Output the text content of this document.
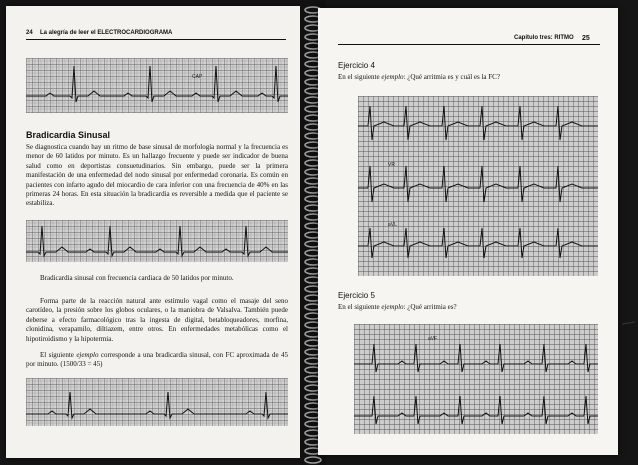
24 La alegría de leer el ELECTROCARDIOGRAMA
CAP
Bradicardia Sinusal

Se diagnostica cuando hay un ritmo de base sinusal de morfología normal y la frecuencia es menor de 60 latidos por minuto. Es un hallazgo frecuente y puede ser indicador de buena salud como en deportistas consuetudinarios. Sin embargo, puede ser la primera manifestación de una enfermedad del nodo sinusal por enfermedad coronaria. Es común en pacientes con infarto agudo del miocardio de cara inferior con una frecuencia de 40% en las primeras 24 horas. En esta situación la bradicardia es reversible a medida que el paciente se estabiliza.

Bradicardia sinusal con frecuencia cardiaca de 50 latidos por minuto.

Forma parte de la reacción natural ante estímulo vagal como el masaje del seno carotídeo, la presión sobre los globos oculares, o la maniobra de Valsalva. También puede deberse a efecto farmacológico tras la ingesta de digital, betabloqueadores, morfina, clonidina, verapamilo, diltiazem, entre otros. En enfermedades metabólicas como el hipotiroidismo y la hipotermia.

El siguiente ejemplo corresponde a una bradicardia sinusal, con FC aproximada de 45 por minuto. (1500/33 = 45)

Capítulo tres: RITMO 25
Ejercicio 4

En el siguiente ejemplo: ¿Qué arritmia es y cuál es la FC?

VR
aVL
Ejercicio 5

En el siguiente ejemplo: ¿Qué arritmia es?

aVF
